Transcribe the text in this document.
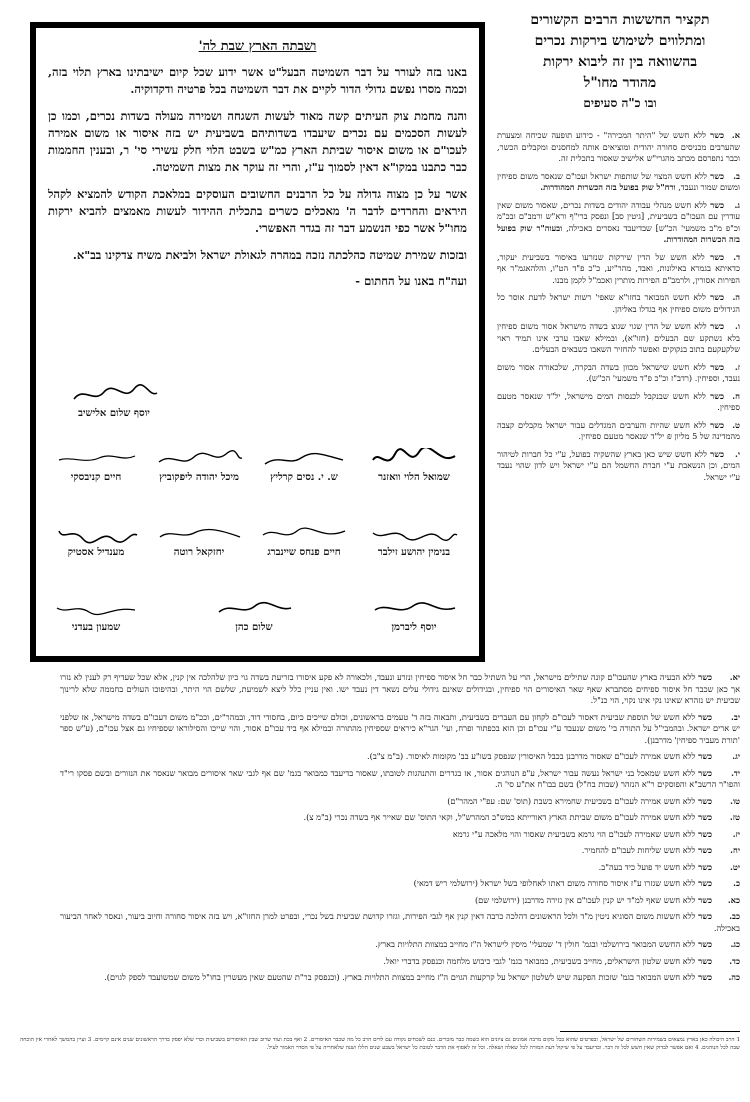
תקציר החששות הרבים הקשורים
ומתלווים לשימוש בירקות נכרים
בהשוואה בין זה ליבוא ירקות
מהודר מחו"ל
ובו כ"ה סעיפים
ושבתה הארץ שבת לה'

באנו בזה לעורר על דבר השמיטה הבעל"ט אשר ידוע שכל קיום ישיבתינו בארץ תלוי בזה, וכמה מסרו נפשם גדולי הדור לקיים את דבר השמיטה בכל פרטיה ודקדוקיה.

והנה מחמת צוק העיתים קשה מאוד לעשות השגחה ושמירה מעולה בשדות נכרים, וכמו כן לעשות הסכמים עם נכרים שיעבדו בשדותיהם בשביעית יש בזה איסור או משום אמירה לעכו"ם או משום איסור שביתת הארץ כמ"ש בשבט הלוי חלק עשירי סי' ר, ובענין החממות כבר כתבנו במקו"א דאין לסמוך ע"ז, והרי זה עוקר את מצות השמיטה.

אשר על כן מצוה גדולה על כל הרבנים החשובים העוסקים במלאכת הקודש להמציא לקהל היראים והחרדים לדבר ה' מאכלים כשרים בתכלית ההידור לעשות מאמצים להביא ירקות מחו"ל אשר כפי הנשמע דבר זה בגדר האפשרי.

ובזכות שמירת שמיטה כהלכתה נזכה במהרה לגאולת ישראל ולביאת משיח צדקינו בב"א.

ועה"ח באנו על החתום -
יוסף שלום אלישיב
שמואל הלוי וואזנר
ש. י. נסים קרליץ
מיכל יהודה ליפקוביץ
חיים קניבסקי
בנימין יהושע זילבר
חיים פנחס שיינברג
יחזקאל רוטה
מענדיל אסטיק
יוסף ליברמן
שלום כהן
שמעון בעדני

א.כשר ללא חשש של "היתר המכירה" - כידוע תופעה שכיחה ומצערת שהערבים מכניסים סחורה יהודית ומוציאים אותה למחסנים ומקבלים הכשר, וכבר נתפרסם מכתב מהגרי"ש אלישיב שאסור בתכלית זה.

ב.כשר ללא חשש המצוי של שותפות ישראל ועכו"ם שנאסר משום ספיחין ומשום שמור ונעבד, ורח"ל שוק בפועל בזה הכשרות המהודרות.

ג.כשר ללא חשש מנהלי עבודה יהודים בשדות נכרים, שאסור משום שאין עודרין עם העכו"ם בשביעית, [גיטין סב] ונפסק ברי"ף ורא"ש ורמב"ם ובכ"מ וכ"פ מ"ב משמעי' הכ"ש] שבדיעבד נאסרים באכילה, ובעוה"ר שוק בפועל בזה הכשרות המהודרות.

ד.כשר ללא חשש של הדין שירקות שנזרעו באיסור בשביעית יעקור, כדאיתא בגמרא באילונות, ואבד, מהר"יע, כ"כ פ"ד הט"ו, והלהאגמ"ר אף הפירות אסורין, ולרמב"ם הפירות מותרין ואכמ"ל לקמן מבנו.

ה.כשר ללא חשש המבואר בחזו"א שאפי' רשות ישראל לדעת אוסר כל הגידולים משום ספיחין אף בגדלו באליהן.

ו.כשר ללא חשש של הדין שגוי שגוצ בשדה מישראל אסור משום ספיחין בלא נשתקע שם הבעלים (חזו"א), ובמילא שאבו ערבי אינו תמיד ראוי שלקעקעם בתוב בנקוקים ואפשר להחזיר השאבו כשבאים הבעלים.

ז.כשר ללא חשש שישראל מכוון בשדה הבקרה, שלכאורה אסור משום נעבד, וספיחין. (רדב"ז וכ"כ פ"ד משמעי' הכ"ש).

ח.כשר ללא חשש שבנקבל לכנסות המים מישראל, יל"ד שנאסר מטעם ספיחין.

ט.כשר ללא חשש שהיות והערבים המגדלים עבור ישראל מקבלים קצבה מהמדינה של 5 מליון ₪ יל"ד שנאסר מטעם ספיחין.

י.כשר ללא חשש שיש כאן בארץ שהשקיה בפועל, ע"י כל חברות לטיהור המים, וכן הנשאבת ע"י חברת החשמל הם ע"י ישראל ויש לדון שהוי נעבד ע"י ישראל.

יא.כשר ללא הבעיה בארץ שהעכו"ם קונה שתילים מישראל, הרי על השתיל כבר חל איסור ספיחין ונזרע ונעבד, ולכאורה לא פקע איסורו בזריעת בשדה גוי כיון שלהלכה אין קנין, אלא שכל שעדיף רק לענין לא נזרו אך כאן שכבר חל איסור ספיחים מסתברא שאף שאר האיסורים הוי ספיחין, ובגידולים שאינם גידולי עלים נשאר דין נעבד ישו. ואין עניין כלל ליצא לשמיעת, שלשם הוי היתר, ובהיפוכו העולים בחממה שלא לרינוך שביעית יש נזהרא שאינו נקי אינו נקוי, הוי כנ"ל.

יב.כשר ללא חשש של תוספת שביעית דאסור לעכו"ם לקחון עם העברים בשביעית, ותבאוה בזה ד' טעמים בראשונים, וכולם שייכים כיום, בחסודי דוד, ובמהר"ים, וככ"מ משום דעכו"ם בשדה מישראל, אז שלפני יש ארים ישראל. ובהמבי"ל על התורה בי' משום שנעבד ע"י עכו"ם וכן הוא בכפתור ופרח, ועי' הגר"א כיראים שספיחין מהתורה ובמילא אף ביד עכו"ם אסור, והוי שייכו והסילוראו שספיחיו גם אצל עכו"ם, (ע"ש ספר 'תורת מעביר ספיחין' מדרבנן).

יג.כשר ללא חשש אמירה לעכו"ם שאסור מדרבנן בכבל האיסורין שנפסק בשו"ע בב' מקומות לאיסור. (ב"מ צ"ב).

יד.כשר ללא חשש שמאכל בני ישראל נעשה עבור ישראל, ע"פ הנוהגים אסור, אז בגדרים והתנהגות לטובתו, שאסור בדיעבד כמבואר בגמ' שם אף לגבי שאר איסורים מבואר שנאסר את הנזורים ובשם פסקו רי"ד והפו"ר הרשב"א והפוסקים ר"א הנזהר (שבות בח"ל) בשם בבו"ח את"ע סי' ה.

טו.כשר ללא חשש אמירה לעכו"ם בשביעית שחמירא כשבת (תוס' שם: עפ"י המהר"ם)

טז.כשר ללא חשש אמירה לעכו"ם משום שביתת הארץ דאורייתא כמש"כ המהרש"ל, וקאי התוס' שם שאייר אף בשדה נכרי (ב"מ צ).

יז.כשר ללא חשש שאמירה לעכו"ם הוי גרמא בשביעית שאסור והוי מלאכה ע"י גרמא

יח.כשר ללא חשש שליחות לעכו"ם להחמיר.

יט.כשר ללא חשש יד פועל כיד בעה"ב.

כ.כשר ללא חשש שגזרו ע"ז איסור סחורה משום דאתו לאחלופי בשל ישראל (ירושלמי ריש דמאי)

כא.כשר ללא חשש שאף למ"ד יש קנין לעכו"ם אין גזירה מדרבנן (ירושלמי שם)

כב.כשר ללא חששות משום הסוגיא ניטין מ"ד ולכל הראשונים דהלכה כרבה דאין קנין אף לגבי הפירות, וגזרו קדושת שביעית בשל נכרי, ובפרט למרן החזו"א, ויש בזה איסור סחורה וחיוב ביעור, ונאסר לאחר הביעור באכילה.

כג.כשר ללא החשש המבואר בירושלמי ובגמ' חולין ד' שמעלי' מיסין לישראל ה"ז מחייב במצוות התלויות בארץ.

כד.כשר ללא חשש שלטון הישראלים, מחייב בשביעית, כמבואר בגמ' לגבי כיבוש מלחמה וכנפסק בדברי יואל.

כה.כשר ללא חשש המבואר בגמ' שזכות הפקעה שיש לשלטון ישראל על קרקעות הגוים ה"ז מחייב במצוות התלויות בארץ. (וכנפסק בר"ת שהטעם שאין מעשרין בחו"ל משום שמשועבד לספק לגוים).

1 הרב היכולה כאן בארץ נמצאים בשמירות השחורים של ישראל, ובפרטים שהוא בכל מקום מרבה אמונים גם ציונים הוא כשמה כבר מזכרים. כנם לשכחים נקודה עם לדים הרב כל מה שכבר האיסורים. 2 ואף בכת ועוד שרוב שבין האיסורים בשביעית וכדי שלא יפסק בדרך הראשונים שנים אינם קיימים. 3 ועיין בהמשך לאחרי אין הוכחה שבה לכל הנוהגים. 4 ואם אפשר לבדוק שאין חשש לכל זה דבר. ובדיעבד על פי שיקול דעת המורה לכל שאלה ושאלה. וכל זה לאסוף את הדבר לטובת כל ישראל בשבע שנים הללו ושנה שלאחריה על פי הסדר האמור לעיל.
